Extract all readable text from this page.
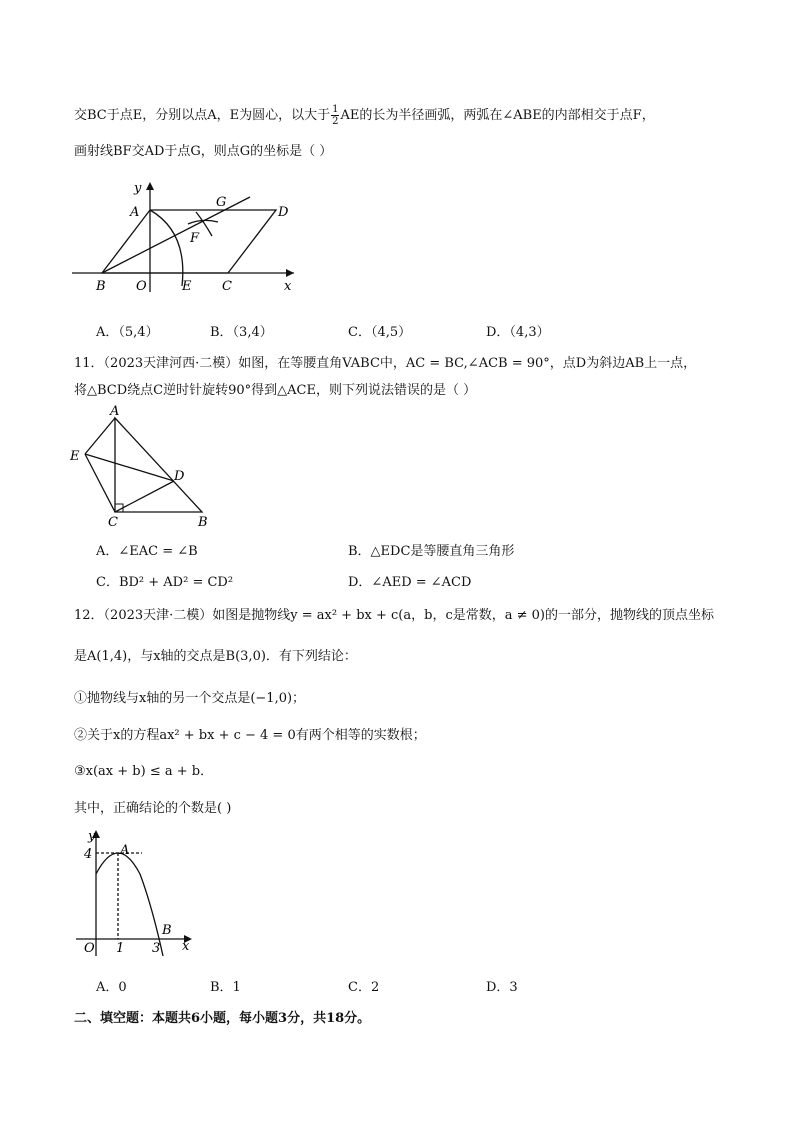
交BC于点E，分别以点A，E为圆心，以大于 $\frac{1}{2}$ AE的长为半径画弧，两弧在∠ABE的内部相交于点F，
画射线BF交AD于点G，则点G的坐标是（ ）
y
A
G
D
F
B O	E C	x
A．（5,4）	B．（3,4）	C．（4,5）	D．（4,3）
11．（2023天津河西·二模）如图，在等腰直角VABC中，AC = BC,∠ACB = 90°，点D为斜边AB上一点，
将△BCD绕点C逆时针旋转90°得到△ACE，则下列说法错误的是（ ）
A
E
D
C	B
A．∠EAC = ∠B	B．△EDC是等腰直角三角形
C．BD² + AD² = CD²	D．∠AED = ∠ACD
12．（2023天津·二模）如图是抛物线y = ax² + bx + c(a，b，c是常数，a ≠ 0)的一部分，抛物线的顶点坐标
是A(1,4)，与x轴的交点是B(3,0)．有下列结论：
①抛物线与x轴的另一个交点是(−1,0)；
②关于x的方程ax² + bx + c − 4 = 0有两个相等的实数根；
③x(ax + b) ≤ a + b．
其中，正确结论的个数是( )
y
4 A
O 1 3
B
x
A．0	B．1	C．2	D．3
二、填空题：本题共6小题，每小题3分，共18分。
